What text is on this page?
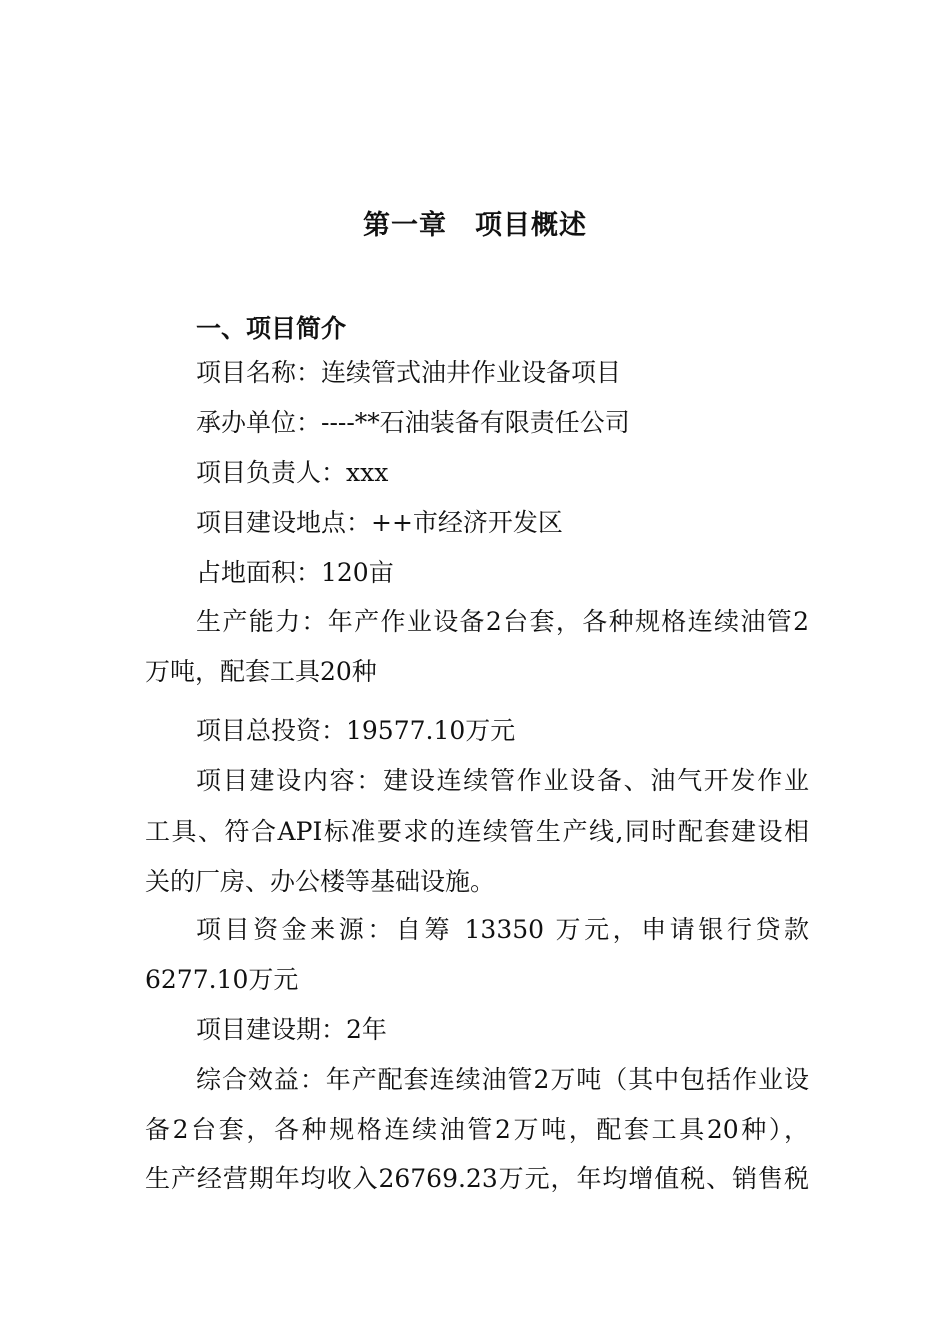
第一章　项目概述
一、项目简介
项目名称：连续管式油井作业设备项目
承办单位：----**石油装备有限责任公司
项目负责人：xxx
项目建设地点：++市经济开发区
占地面积：120亩
生产能力：年产作业设备2台套，各种规格连续油管2
万吨，配套工具20种
项目总投资：19577.10万元
项目建设内容：建设连续管作业设备、油气开发作业
工具、符合API标准要求的连续管生产线,同时配套建设相
关的厂房、办公楼等基础设施。
项目资金来源：自筹 13350 万元，申请银行贷款
6277.10万元
项目建设期：2年
综合效益：年产配套连续油管2万吨（其中包括作业设
备2台套，各种规格连续油管2万吨，配套工具20种），
生产经营期年均收入26769.23万元，年均增值税、销售税
